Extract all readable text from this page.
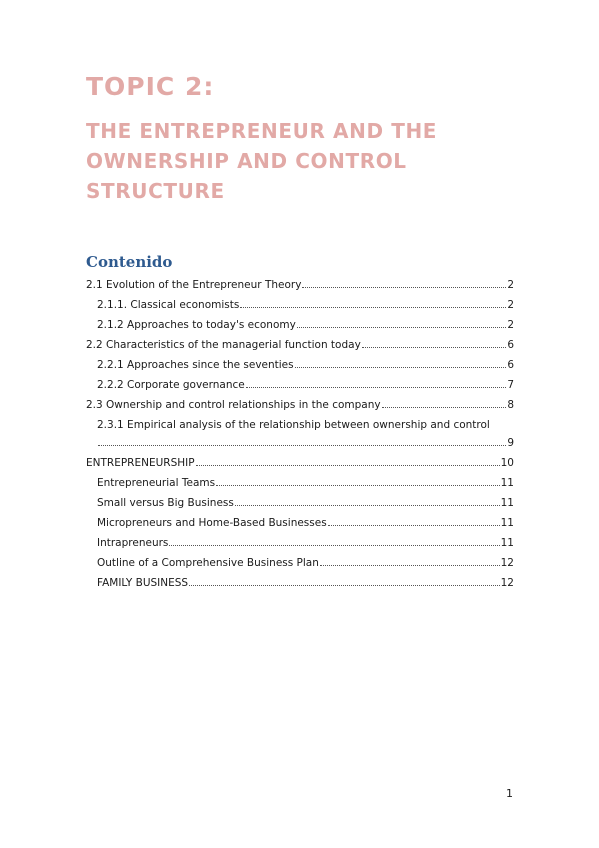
TOPIC 2:
THE ENTREPRENEUR AND THE OWNERSHIP AND CONTROL STRUCTURE
Contenido
2.1 Evolution of the Entrepreneur Theory	2
2.1.1. Classical economists	2
2.1.2 Approaches to today's economy	2
2.2 Characteristics of the managerial function today	6
2.2.1 Approaches since the seventies	6
2.2.2 Corporate governance	7
2.3 Ownership and control relationships in the company	8
2.3.1 Empirical analysis of the relationship between ownership and control
9
ENTREPRENEURSHIP	10
Entrepreneurial Teams	11
Small versus Big Business	11
Micropreneurs and Home-Based Businesses	11
Intrapreneurs	11
Outline of a Comprehensive Business Plan	12
FAMILY BUSINESS	12
1
